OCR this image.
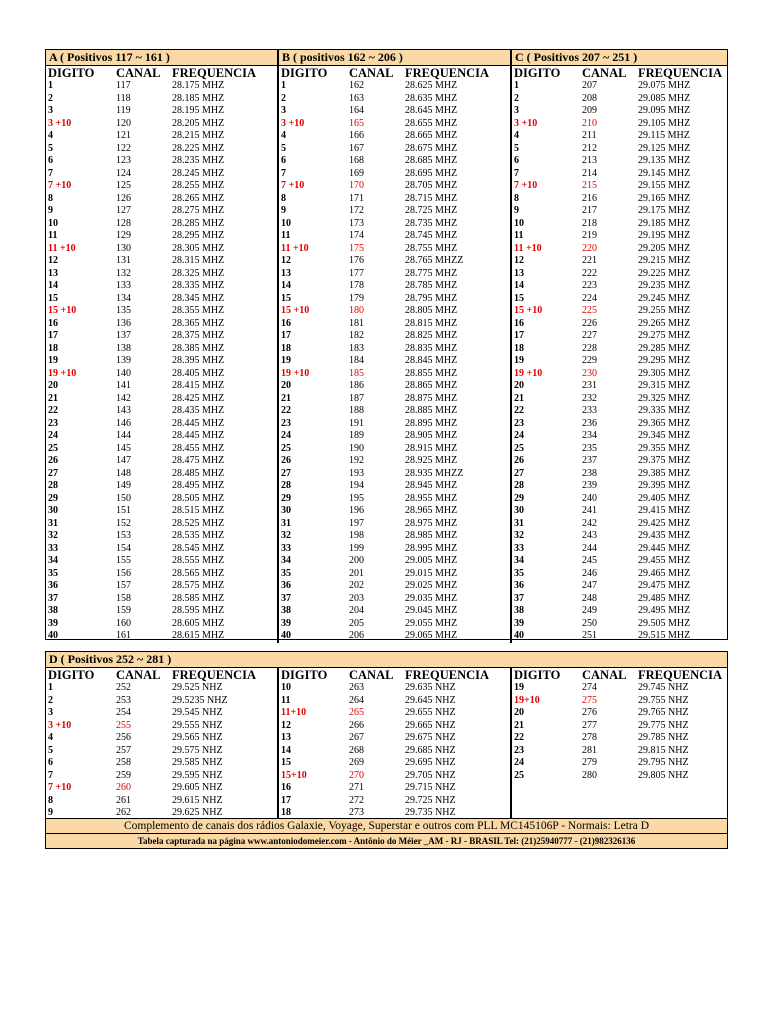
A ( Positivos 117 ~ 161 )	B ( positivos 162 ~ 206 )	C ( Positivos 207 ~ 251 )
DIGITO CANAL FREQUENCIA
1	117	28.175 MHZ
2	118	28.185 MHZ
3	119	28.195 MHZ
3 +10	120	28.205 MHZ
4	121	28.215 MHZ
5	122	28.225 MHZ
6	123	28.235 MHZ
7	124	28.245 MHZ
7 +10	125	28.255 MHZ
8	126	28.265 MHZ
9	127	28.275 MHZ
10	128	28.285 MHZ
11	129	28.295 MHZ
11 +10	130	28.305 MHZ
12	131	28.315 MHZ
13	132	28.325 MHZ
14	133	28.335 MHZ
15	134	28.345 MHZ
15 +10	135	28.355 MHZ
16	136	28.365 MHZ
17	137	28.375 MHZ
18	138	28.385 MHZ
19	139	28.395 MHZ
19 +10	140	28.405 MHZ
20	141	28.415 MHZ
21	142	28.425 MHZ
22	143	28.435 MHZ
23	146	28.445 MHZ
24	144	28.445 MHZ
25	145	28.455 MHZ
26	147	28.475 MHZ
27	148	28.485 MHZ
28	149	28.495 MHZ
29	150	28.505 MHZ
30	151	28.515 MHZ
31	152	28.525 MHZ
32	153	28.535 MHZ
33	154	28.545 MHZ
34	155	28.555 MHZ
35	156	28.565 MHZ
36	157	28.575 MHZ
37	158	28.585 MHZ
38	159	28.595 MHZ
39	160	28.605 MHZ
40	161	28.615 MHZ
DIGITO CANAL FREQUENCIA
1	162	28.625 MHZ
2	163	28.635 MHZ
3	164	28.645 MHZ
3 +10	165	28.655 MHZ
4	166	28.665 MHZ
5	167	28.675 MHZ
6	168	28.685 MHZ
7	169	28.695 MHZ
7 +10	170	28.705 MHZ
8	171	28.715 MHZ
9	172	28.725 MHZ
10	173	28.735 MHZ
11	174	28.745 MHZ
11 +10	175	28.755 MHZ
12	176	28.765 MHZZ
13	177	28.775 MHZ
14	178	28.785 MHZ
15	179	28.795 MHZ
15 +10	180	28.805 MHZ
16	181	28.815 MHZ
17	182	28.825 MHZ
18	183	28.835 MHZ
19	184	28.845 MHZ
19 +10	185	28.855 MHZ
20	186	28.865 MHZ
21	187	28.875 MHZ
22	188	28.885 MHZ
23	191	28.895 MHZ
24	189	28.905 MHZ
25	190	28.915 MHZ
26	192	28.925 MHZ
27	193	28.935 MHZZ
28	194	28.945 MHZ
29	195	28.955 MHZ
30	196	28.965 MHZ
31	197	28.975 MHZ
32	198	28.985 MHZ
33	199	28.995 MHZ
34	200	29.005 MHZ
35	201	29.015 MHZ
36	202	29.025 MHZ
37	203	29.035 MHZ
38	204	29.045 MHZ
39	205	29.055 MHZ
40	206	29.065 MHZ
DIGITO CANAL FREQUENCIA
1	207	29.075 MHZ
2	208	29.085 MHZ
3	209	29.095 MHZ
3 +10	210	29.105 MHZ
4	211	29.115 MHZ
5	212	29.125 MHZ
6	213	29.135 MHZ
7	214	29.145 MHZ
7 +10	215	29.155 MHZ
8	216	29.165 MHZ
9	217	29.175 MHZ
10	218	29.185 MHZ
11	219	29.195 MHZ
11 +10	220	29.205 MHZ
12	221	29.215 MHZ
13	222	29.225 MHZ
14	223	29.235 MHZ
15	224	29.245 MHZ
15 +10	225	29.255 MHZ
16	226	29.265 MHZ
17	227	29.275 MHZ
18	228	29.285 MHZ
19	229	29.295 MHZ
19 +10	230	29.305 MHZ
20	231	29.315 MHZ
21	232	29.325 MHZ
22	233	29.335 MHZ
23	236	29.365 MHZ
24	234	29.345 MHZ
25	235	29.355 MHZ
26	237	29.375 MHZ
27	238	29.385 MHZ
28	239	29.395 MHZ
29	240	29.405 MHZ
30	241	29.415 MHZ
31	242	29.425 MHZ
32	243	29.435 MHZ
33	244	29.445 MHZ
34	245	29.455 MHZ
35	246	29.465 MHZ
36	247	29.475 MHZ
37	248	29.485 MHZ
38	249	29.495 MHZ
39	250	29.505 MHZ
40	251	29.515 MHZ
D ( Positivos 252 ~ 281 )
DIGITO CANAL FREQUENCIA
1	252	29.525 NHZ
2	253	29.5235 NHZ
3	254	29.545 NHZ
3 +10	255	29.555 NHZ
4	256	29.565 NHZ
5	257	29.575 NHZ
6	258	29.585 NHZ
7	259	29.595 NHZ
7 +10	260	29.605 NHZ
8	261	29.615 NHZ
9	262	29.625 NHZ
DIGITO CANAL FREQUENCIA
10	263	29.635 NHZ
11	264	29.645 NHZ
11+10	265	29.655 NHZ
12	266	29.665 NHZ
13	267	29.675 NHZ
14	268	29.685 NHZ
15	269	29.695 NHZ
15+10	270	29.705 NHZ
16	271	29.715 NHZ
17	272	29.725 NHZ
18	273	29.735 NHZ
DIGITO CANAL FREQUENCIA
19	274	29.745 NHZ
19+10	275	29.755 NHZ
20	276	29.765 NHZ
21	277	29.775 NHZ
22	278	29.785 NHZ
23	281	29.815 NHZ
24	279	29.795 NHZ
25	280	29.805 NHZ
Complemento de canais dos rádios Galaxie, Voyage, Superstar e outros com PLL MC145106P - Normais: Letra D
Tabela capturada na página www.antoniodomeier.com - Antônio do Méier _AM - RJ - BRASIL Tel: (21)25940777 - (21)982326136
